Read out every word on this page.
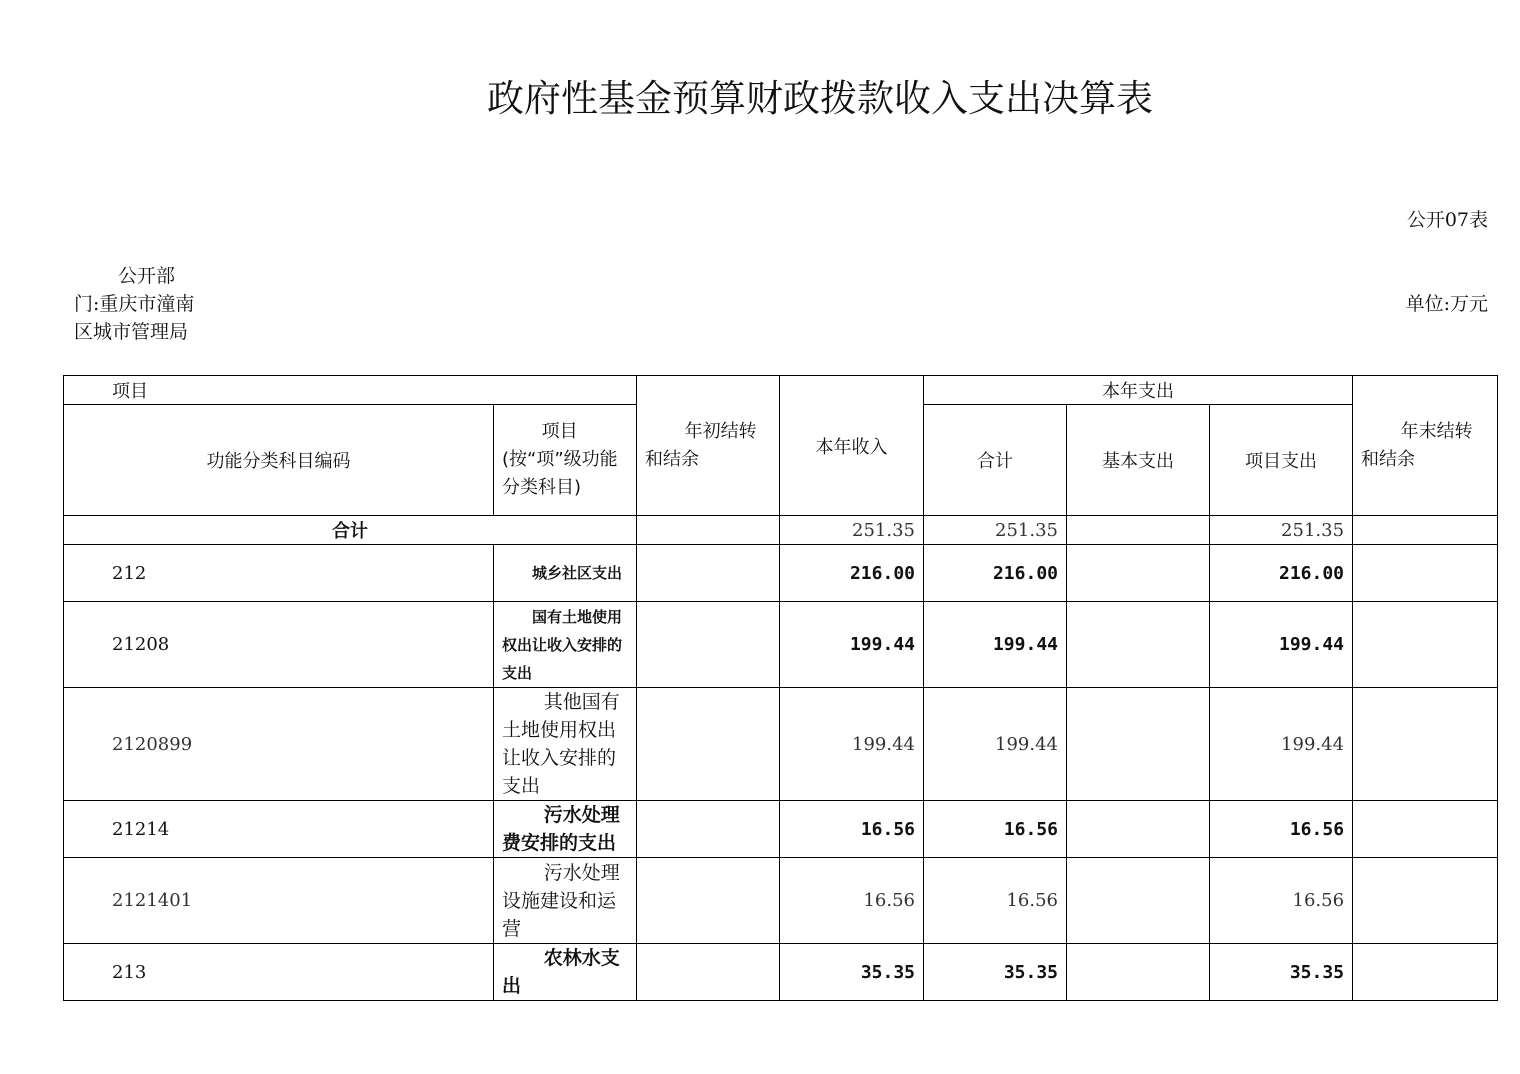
政府性基金预算财政拨款收入支出决算表
公开07表
公开部门:重庆市潼南区城市管理局
单位:万元
项目		年初结转和结余	本年收入	本年支出			年末结转和结余
功能分类科目编码	项目(按“项”级功能分类科目)			合计	基本支出	项目支出	
合计			251.35	251.35		251.35	
212	城乡社区支出		216.00	216.00		216.00	
21208	国有土地使用权出让收入安排的支出		199.44	199.44		199.44	
2120899	其他国有土地使用权出让收入安排的支出		199.44	199.44		199.44	
21214	污水处理费安排的支出		16.56	16.56		16.56	
2121401	污水处理设施建设和运营		16.56	16.56		16.56	
213	农林水支出		35.35	35.35		35.35	
